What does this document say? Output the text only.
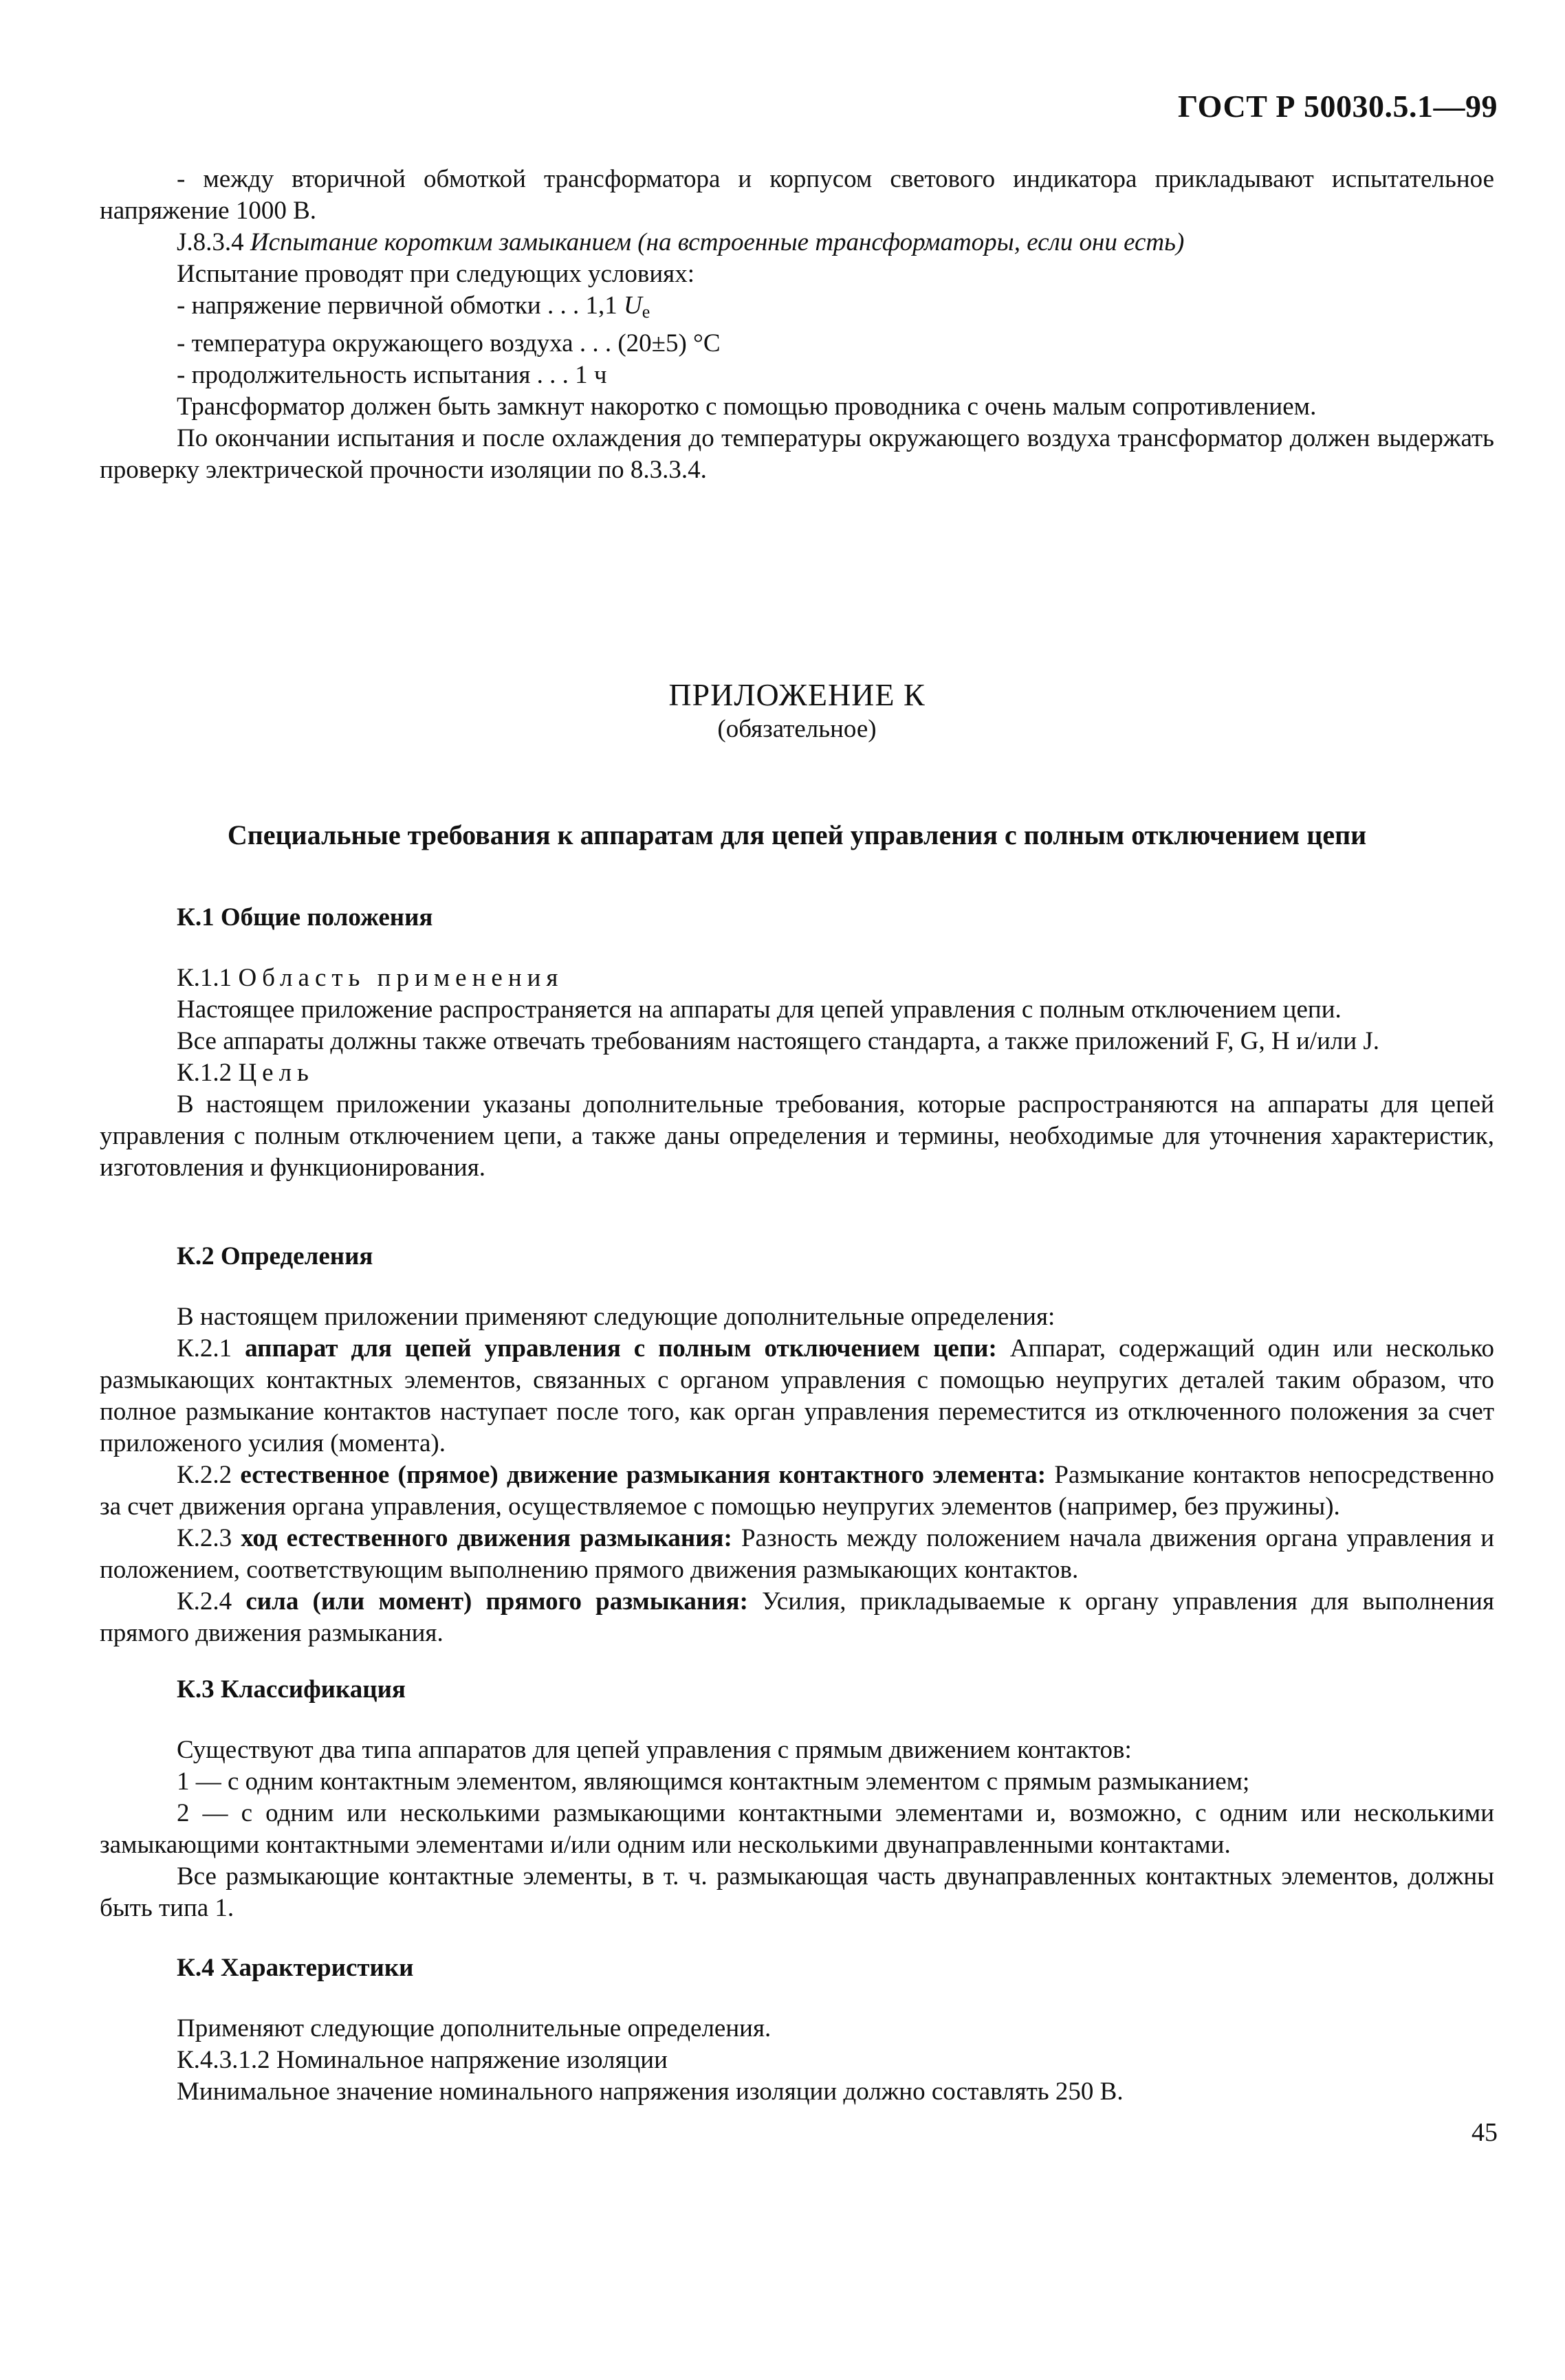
ГОСТ Р 50030.5.1—99

- между вторичной обмоткой трансформатора и корпусом светового индикатора прикладывают испытательное напряжение 1000 В.

J.8.3.4 Испытание коротким замыканием (на встроенные трансформаторы, если они есть)

Испытание проводят при следующих условиях:

- напряжение первичной обмотки . . . 1,1 Ue

- температура окружающего воздуха . . . (20±5) °C

- продолжительность испытания . . . 1 ч

Трансформатор должен быть замкнут накоротко с помощью проводника с очень малым сопротивлением.

По окончании испытания и после охлаждения до температуры окружающего воздуха трансформатор должен выдержать проверку электрической прочности изоляции по 8.3.3.4.

ПРИЛОЖЕНИЕ К

(обязательное)

Специальные требования к аппаратам для цепей управления с полным отключением цепи

К.1 Общие положения

К.1.1 Область применения

Настоящее приложение распространяется на аппараты для цепей управления с полным отключением цепи.

Все аппараты должны также отвечать требованиям настоящего стандарта, а также приложений F, G, H и/или J.

К.1.2 Цель

В настоящем приложении указаны дополнительные требования, которые распространяются на аппараты для цепей управления с полным отключением цепи, а также даны определения и термины, необходимые для уточнения характеристик, изготовления и функционирования.

К.2 Определения

В настоящем приложении применяют следующие дополнительные определения:

К.2.1 аппарат для цепей управления с полным отключением цепи: Аппарат, содержащий один или несколько размыкающих контактных элементов, связанных с органом управления с помощью неупругих деталей таким образом, что полное размыкание контактов наступает после того, как орган управления переместится из отключенного положения за счет приложеного усилия (момента).

К.2.2 естественное (прямое) движение размыкания контактного элемента: Размыкание контактов непосредственно за счет движения органа управления, осуществляемое с помощью неупругих элементов (например, без пружины).

К.2.3 ход естественного движения размыкания: Разность между положением начала движения органа управления и положением, соответствующим выполнению прямого движения размыкающих контактов.

К.2.4 сила (или момент) прямого размыкания: Усилия, прикладываемые к органу управления для выполнения прямого движения размыкания.

К.3 Классификация

Существуют два типа аппаратов для цепей управления с прямым движением контактов:

1 — с одним контактным элементом, являющимся контактным элементом с прямым размыканием;

2 — с одним или несколькими размыкающими контактными элементами и, возможно, с одним или несколькими замыкающими контактными элементами и/или одним или несколькими двунаправленными контактами.

Все размыкающие контактные элементы, в т. ч. размыкающая часть двунаправленных контактных элементов, должны быть типа 1.

К.4 Характеристики

Применяют следующие дополнительные определения.

К.4.3.1.2 Номинальное напряжение изоляции

Минимальное значение номинального напряжения изоляции должно составлять 250 В.

45
